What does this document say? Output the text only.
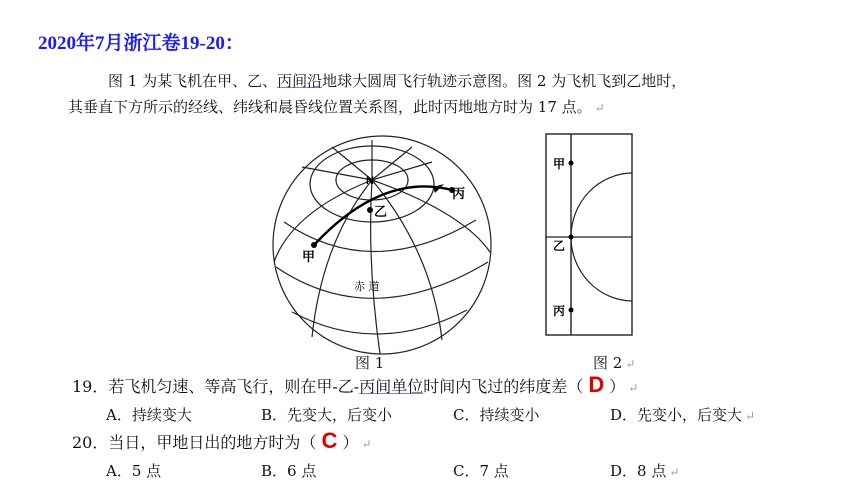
2020年7月浙江卷19-20：
图 1 为某飞机在甲、乙、丙间沿地球大圆周飞行轨迹示意图。图 2 为飞机飞到乙地时，
其垂直下方所示的经线、纬线和晨昏线位置关系图，此时丙地地方时为 17 点。 ↵
N
甲
乙
丙
赤 道
图 1
甲
乙
丙
图 2 ↵
19．若飞机匀速、等高飞行，则在甲-乙-丙间单位时间内飞过的纬度差（ D ） ↵
A．持续变大	B．先变大，后变小	C．持续变小	D．先变小，后变大 ↵
20．当日，甲地日出的地方时为（ C ） ↵
A．5 点	B．6 点	C．7 点	D．8 点 ↵
